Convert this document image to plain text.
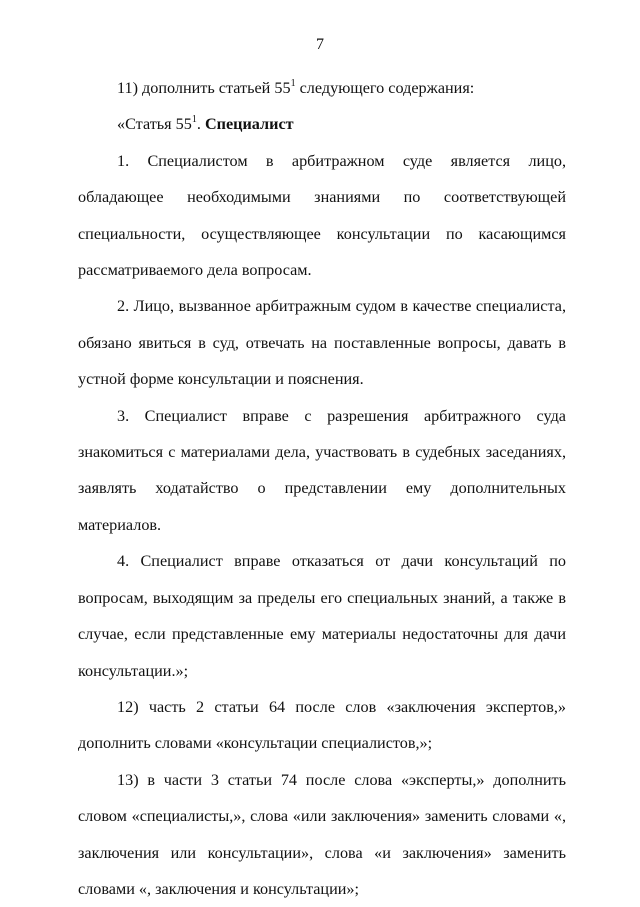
7

11) дополнить статьей $55^1$ следующего содержания:

«Статья $55^1$. Специалист

1. Специалистом в арбитражном суде является лицо, обладающее необходимыми знаниями по соответствующей специальности, осуществляющее консультации по касающимся рассматриваемого дела вопросам.

2. Лицо, вызванное арбитражным судом в качестве специалиста, обязано явиться в суд, отвечать на поставленные вопросы, давать в устной форме консультации и пояснения.

3. Специалист вправе с разрешения арбитражного суда знакомиться с материалами дела, участвовать в судебных заседаниях, заявлять ходатайство о представлении ему дополнительных материалов.

4. Специалист вправе отказаться от дачи консультаций по вопросам, выходящим за пределы его специальных знаний, а также в случае, если представленные ему материалы недостаточны для дачи консультации.»;

12) часть 2 статьи 64 после слов «заключения экспертов,» дополнить словами «консультации специалистов,»;

13) в части 3 статьи 74 после слова «эксперты,» дополнить словом «специалисты,», слова «или заключения» заменить словами «, заключения или консультации», слова «и заключения» заменить словами «, заключения и консультации»;
